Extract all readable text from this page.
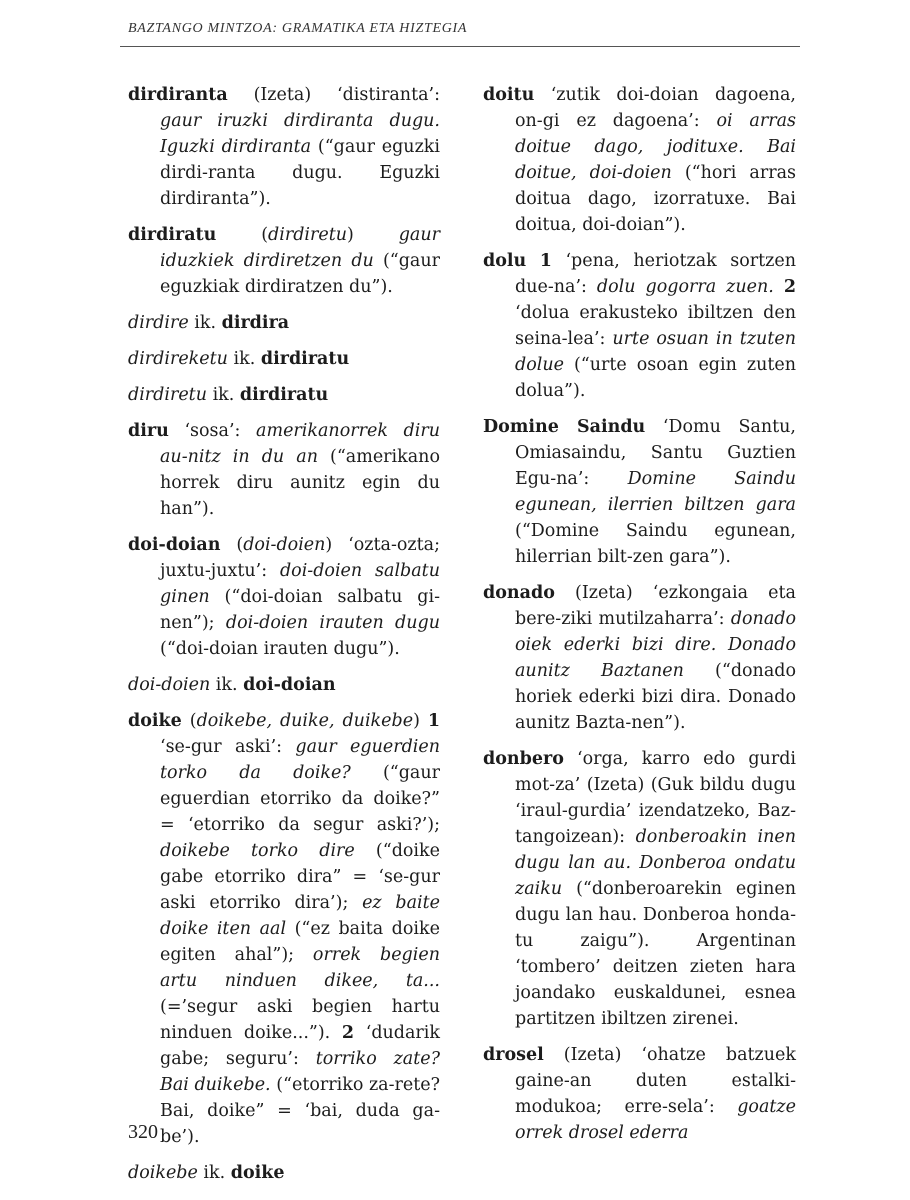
BAZTANGO MINTZOA: GRAMATIKA ETA HIZTEGIA

dirdiranta (Izeta) ‘distiranta’: gaur iruzki dirdiranta dugu. Iguzki dirdiranta (“gaur eguzki dirdi-ranta dugu. Eguzki dirdiranta”).

dirdiratu (dirdiretu) gaur iduzkiek dirdiretzen du (“gaur eguzkiak dirdiratzen du”).

dirdire ik. dirdira

dirdireketu ik. dirdiratu

dirdiretu ik. dirdiratu

diru ‘sosa’: amerikanorrek diru au-nitz in du an (“amerikano horrek diru aunitz egin du han”).

doi-doian (doi-doien) ‘ozta-ozta; juxtu-juxtu’: doi-doien salbatu ginen (“doi-doian salbatu gi-nen”); doi-doien irauten dugu (“doi-doian irauten dugu”).

doi-doien ik. doi-doian

doike (doikebe, duike, duikebe) 1 ‘se-gur aski’: gaur eguerdien torko da doike? (“gaur eguerdian etorriko da doike?” = ‘etorriko da segur aski?’); doikebe torko dire (“doike gabe etorriko dira” = ‘se-gur aski etorriko dira’); ez baite doike iten aal (“ez baita doike egiten ahal”); orrek begien artu ninduen dikee, ta... (=’segur aski begien hartu ninduen doike...”). 2 ‘dudarik gabe; seguru’: torriko zate? Bai duikebe. (“etorriko za-rete? Bai, doike” = ‘bai, duda ga-be’).

doikebe ik. doike

doitu ‘zutik doi-doian dagoena, on-gi ez dagoena’: oi arras doitue dago, jodituxe. Bai doitue, doi-doien (“hori arras doitua dago, izorratuxe. Bai doitua, doi-doian”).

dolu 1 ‘pena, heriotzak sortzen due-na’: dolu gogorra zuen. 2 ‘dolua erakusteko ibiltzen den seina-lea’: urte osuan in tzuten dolue (“urte osoan egin zuten dolua”).

Domine Saindu ‘Domu Santu, Omiasaindu, Santu Guztien Egu-na’: Domine Saindu egunean, ilerrien biltzen gara (“Domine Saindu egunean, hilerrian bilt-zen gara”).

donado (Izeta) ‘ezkongaia eta bere-ziki mutilzaharra’: donado oiek ederki bizi dire. Donado aunitz Baztanen (“donado horiek ederki bizi dira. Donado aunitz Bazta-nen”).

donbero ‘orga, karro edo gurdi mot-za’ (Izeta) (Guk bildu dugu ‘iraul-gurdia’ izendatzeko, Baz-tangoizean): donberoakin inen dugu lan au. Donberoa ondatu zaiku (“donberoarekin eginen dugu lan hau. Donberoa honda-tu zaigu”). Argentinan ‘tombero’ deitzen zieten hara joandako euskaldunei, esnea partitzen ibiltzen zirenei.

drosel (Izeta) ‘ohatze batzuek gaine-an duten estalki-modukoa; erre-sela’: goatze orrek drosel ederra

320
